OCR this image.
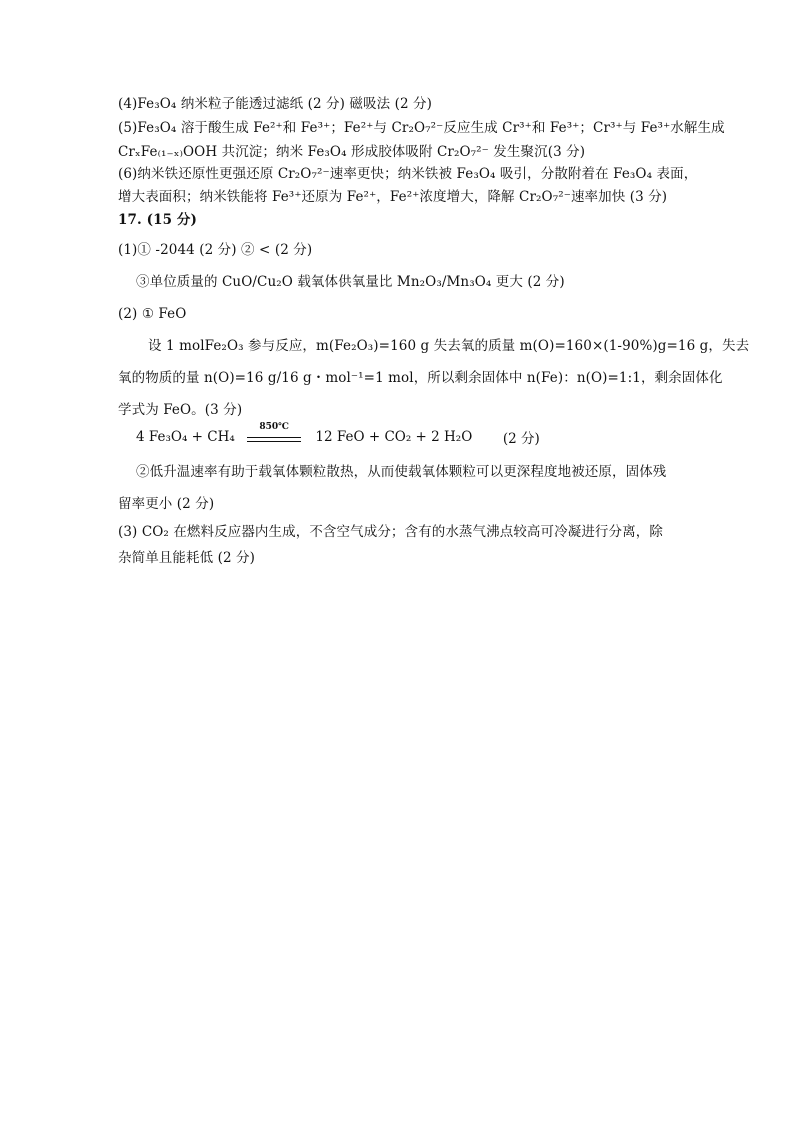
(4)Fe₃O₄ 纳米粒子能透过滤纸 (2 分) 磁吸法 (2 分)
(5)Fe₃O₄ 溶于酸生成 Fe²⁺和 Fe³⁺；Fe²⁺与 Cr₂O₇²⁻反应生成 Cr³⁺和 Fe³⁺；Cr³⁺与 Fe³⁺水解生成
CrₓFe₍₁₋ₓ₎OOH 共沉淀；纳米 Fe₃O₄ 形成胶体吸附 Cr₂O₇²⁻ 发生聚沉(3 分)
(6)纳米铁还原性更强还原 Cr₂O₇²⁻速率更快；纳米铁被 Fe₃O₄ 吸引，分散附着在 Fe₃O₄ 表面，
增大表面积；纳米铁能将 Fe³⁺还原为 Fe²⁺，Fe²⁺浓度增大，降解 Cr₂O₇²⁻速率加快 (3 分)
17. (15 分)
(1)① -2044 (2 分) ② < (2 分)
③单位质量的 CuO/Cu₂O 载氧体供氧量比 Mn₂O₃/Mn₃O₄ 更大 (2 分)
(2) ① FeO
设 1 molFe₂O₃ 参与反应，m(Fe₂O₃)=160 g 失去氧的质量 m(O)=160×(1-90%)g=16 g，失去
氧的物质的量 n(O)=16 g/16 g・mol⁻¹=1 mol，所以剩余固体中 n(Fe)：n(O)=1:1，剩余固体化
学式为 FeO。(3 分)
4 Fe₃O₄ + CH₄
850℃
12 FeO + CO₂ + 2 H₂O (2 分)
②低升温速率有助于载氧体颗粒散热，从而使载氧体颗粒可以更深程度地被还原，固体残
留率更小 (2 分)
(3) CO₂ 在燃料反应器内生成，不含空气成分；含有的水蒸气沸点较高可冷凝进行分离，除
杂简单且能耗低 (2 分)
